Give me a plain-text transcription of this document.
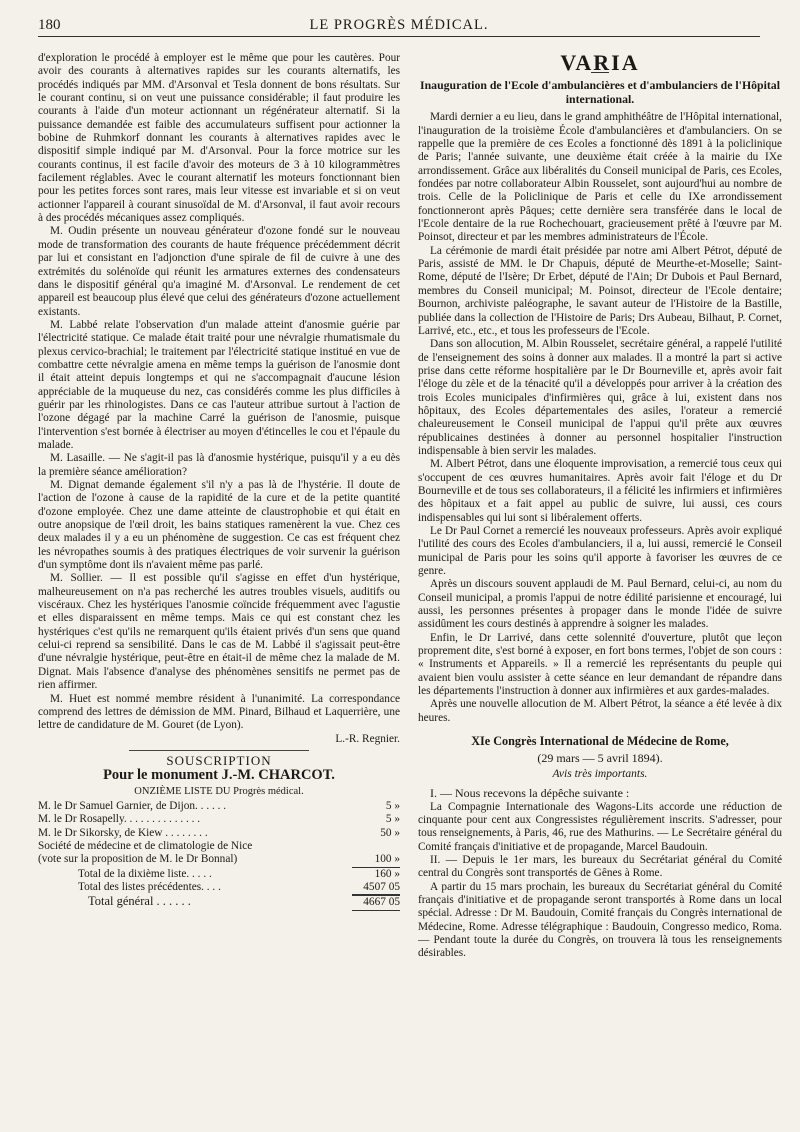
180	LE PROGRÈS MÉDICAL.

d'exploration le procédé à employer est le même que pour les cautères. Pour avoir des courants à alternatives rapides sur les courants alternatifs, les procédés indiqués par MM. d'Arsonval et Tesla donnent de bons résultats. Sur le courant continu, si on veut une puissance considérable; il faut produire les courants à l'aide d'un moteur actionnant un régénérateur alternatif. Si la puissance demandée est faible des accumulateurs suffisent pour actionner la bobine de Ruhmkorf donnant les courants à alternatives rapides avec le dispositif simple indiqué par M. d'Arsonval. Pour la force motrice sur les courants continus, il est facile d'avoir des moteurs de 3 à 10 kilogrammètres facilement réglables. Avec le courant alternatif les moteurs fonctionnant bien pour les petites forces sont rares, mais leur vitesse est invariable et si on veut actionner l'appareil à courant sinusoïdal de M. d'Arsonval, il faut avoir recours à des procédés mécaniques assez compliqués.

M. Oudin présente un nouveau générateur d'ozone fondé sur le nouveau mode de transformation des courants de haute fréquence précédemment décrit par lui et consistant en l'adjonction d'une spirale de fil de cuivre à une des extrémités du solénoïde qui réunit les armatures externes des condensateurs dans le dispositif général qu'a imaginé M. d'Arsonval. Le rendement de cet appareil est beaucoup plus élevé que celui des générateurs d'ozone actuellement existants.

M. Labbé relate l'observation d'un malade atteint d'anosmie guérie par l'électricité statique. Ce malade était traité pour une névralgie rhumatismale du plexus cervico-brachial; le traitement par l'électricité statique institué en vue de combattre cette névralgie amena en même temps la guérison de l'anosmie dont il était atteint depuis longtemps et qui ne s'accompagnait d'aucune lésion appréciable de la muqueuse du nez, cas considérés comme les plus difficiles à guérir par les rhinologistes. Dans ce cas l'auteur attribue surtout à l'action de l'ozone dégagé par la machine Carré la guérison de l'anosmie, puisque l'intervention s'est bornée à électriser au moyen d'étincelles le cou et l'épaule du malade.

M. Lasaille. — Ne s'agit-il pas là d'anosmie hystérique, puisqu'il y a eu dès la première séance amélioration?

M. Dignat demande également s'il n'y a pas là de l'hystérie. Il doute de l'action de l'ozone à cause de la rapidité de la cure et de la petite quantité d'ozone employée. Chez une dame atteinte de claustrophobie et qui était en outre anopsique de l'œil droit, les bains statiques ramenèrent la vue. Chez ces deux malades il y a eu un phénomène de suggestion. Ce cas est fréquent chez les névropathes soumis à des pratiques électriques de voir survenir la guérison d'un symptôme dont ils n'avaient même pas parlé.

M. Sollier. — Il est possible qu'il s'agisse en effet d'un hystérique, malheureusement on n'a pas recherché les autres troubles visuels, auditifs ou viscéraux. Chez les hystériques l'anosmie coïncide fréquemment avec l'agustie et elles disparaissent en même temps. Mais ce qui est constant chez les hystériques c'est qu'ils ne remarquent qu'ils étaient privés d'un sens que quand celui-ci reprend sa sensibilité. Dans le cas de M. Labbé il s'agissait peut-être d'une névralgie hystérique, peut-être en était-il de même chez la malade de M. Dignat. Mais l'absence d'analyse des phénomènes sensitifs ne permet pas de rien affirmer.

M. Huet est nommé membre résident à l'unanimité. La correspondance comprend des lettres de démission de MM. Pinard, Bilhaud et Laquerrière, une lettre de candidature de M. Gouret (de Lyon).

L.-R. Regnier.

SOUSCRIPTION
Pour le monument J.-M. CHARCOT.
ONZIÈME LISTE DU Progrès médical.
M. le Dr Samuel Garnier, de Dijon. . . . . .	5 »
M. le Dr Rosapelly. . . . . . . . . . . . . .	5 »
M. le Dr Sikorsky, de Kiew . . . . . . . .	50 »
Société de médecine et de climatologie de Nice
(vote sur la proposition de M. le Dr Bonnal)	100 »
Total de la dixième liste. . . . .	160 »
Total des listes précédentes. . . .	4507 05
Total général . . . . . .	4667 05
VARIA
Inauguration de l'Ecole d'ambulancières et d'ambulanciers de l'Hôpital international.

Mardi dernier a eu lieu, dans le grand amphithéâtre de l'Hôpital international, l'inauguration de la troisième École d'ambulancières et d'ambulanciers. On se rappelle que la première de ces Ecoles a fonctionné dès 1891 à la policlinique de Paris; l'année suivante, une deuxième était créée à la mairie du IXe arrondissement. Grâce aux libéralités du Conseil municipal de Paris, ces Ecoles, fondées par notre collaborateur Albin Rousselet, sont aujourd'hui au nombre de trois. Celle de la Policlinique de Paris et celle du IXe arrondissement fonctionneront après Pâques; cette dernière sera transférée dans le local de l'Ecole dentaire de la rue Rochechouart, gracieusement prêté à l'œuvre par M. Poinsot, directeur et par les membres administrateurs de l'École.

La cérémonie de mardi était présidée par notre ami Albert Pétrot, député de Paris, assisté de MM. le Dr Chapuis, député de Meurthe-et-Moselle; Saint-Rome, député de l'Isère; Dr Erbet, député de l'Ain; Dr Dubois et Paul Bernard, membres du Conseil municipal; M. Poinsot, directeur de l'Ecole dentaire; Bournon, archiviste paléographe, le savant auteur de l'Histoire de la Bastille, publiée dans la collection de l'Histoire de Paris; Drs Aubeau, Bilhaut, P. Cornet, Larrivé, etc., etc., et tous les professeurs de l'Ecole.

Dans son allocution, M. Albin Rousselet, secrétaire général, a rappelé l'utilité de l'enseignement des soins à donner aux malades. Il a montré la part si active prise dans cette réforme hospitalière par le Dr Bourneville et, après avoir fait l'éloge du zèle et de la ténacité qu'il a développés pour arriver à la création des trois Ecoles municipales d'infirmières qui, grâce à lui, existent dans nos hôpitaux, des Ecoles départementales des asiles, l'orateur a remercié chaleureusement le Conseil municipal de l'appui qu'il prête aux œuvres républicaines destinées à donner au personnel hospitalier l'instruction indispensable à bien servir les malades.

M. Albert Pétrot, dans une éloquente improvisation, a remercié tous ceux qui s'occupent de ces œuvres humanitaires. Après avoir fait l'éloge et du Dr Bourneville et de tous ses collaborateurs, il a félicité les infirmiers et infirmières des hôpitaux et a fait appel au public de suivre, lui aussi, ces cours indispensables qui lui sont si libéralement offerts.

Le Dr Paul Cornet a remercié les nouveaux professeurs. Après avoir expliqué l'utilité des cours des Ecoles d'ambulanciers, il a, lui aussi, remercié le Conseil municipal de Paris pour les soins qu'il apporte à favoriser les œuvres de ce genre.

Après un discours souvent applaudi de M. Paul Bernard, celui-ci, au nom du Conseil municipal, a promis l'appui de notre édilité parisienne et encouragé, lui aussi, les personnes présentes à propager dans le monde l'idée de suivre assidûment les cours destinés à apprendre à soigner les malades.

Enfin, le Dr Larrivé, dans cette solennité d'ouverture, plutôt que leçon proprement dite, s'est borné à exposer, en fort bons termes, l'objet de son cours : « Instruments et Appareils. » Il a remercié les représentants du peuple qui avaient bien voulu assister à cette séance en leur demandant de répandre dans les départements l'instruction à donner aux infirmières et aux gardes-malades.

Après une nouvelle allocution de M. Albert Pétrot, la séance a été levée à dix heures.

XIe Congrès International de Médecine de Rome,
(29 mars — 5 avril 1894).
Avis très importants.

I. — Nous recevons la dépêche suivante :

La Compagnie Internationale des Wagons-Lits accorde une réduction de cinquante pour cent aux Congressistes régulièrement inscrits. S'adresser, pour tous renseignements, à Paris, 46, rue des Mathurins. — Le Secrétaire général du Comité français d'initiative et de propagande, Marcel Baudouin.

II. — Depuis le 1er mars, les bureaux du Secrétariat général du Comité central du Congrès sont transportés de Gênes à Rome.

A partir du 15 mars prochain, les bureaux du Secrétariat général du Comité français d'initiative et de propagande seront transportés à Rome dans un local spécial. Adresse : Dr M. Baudouin, Comité français du Congrès international de Médecine, Rome. Adresse télégraphique : Baudouin, Congresso medico, Roma. — Pendant toute la durée du Congrès, on trouvera là tous les renseignements désirables.
